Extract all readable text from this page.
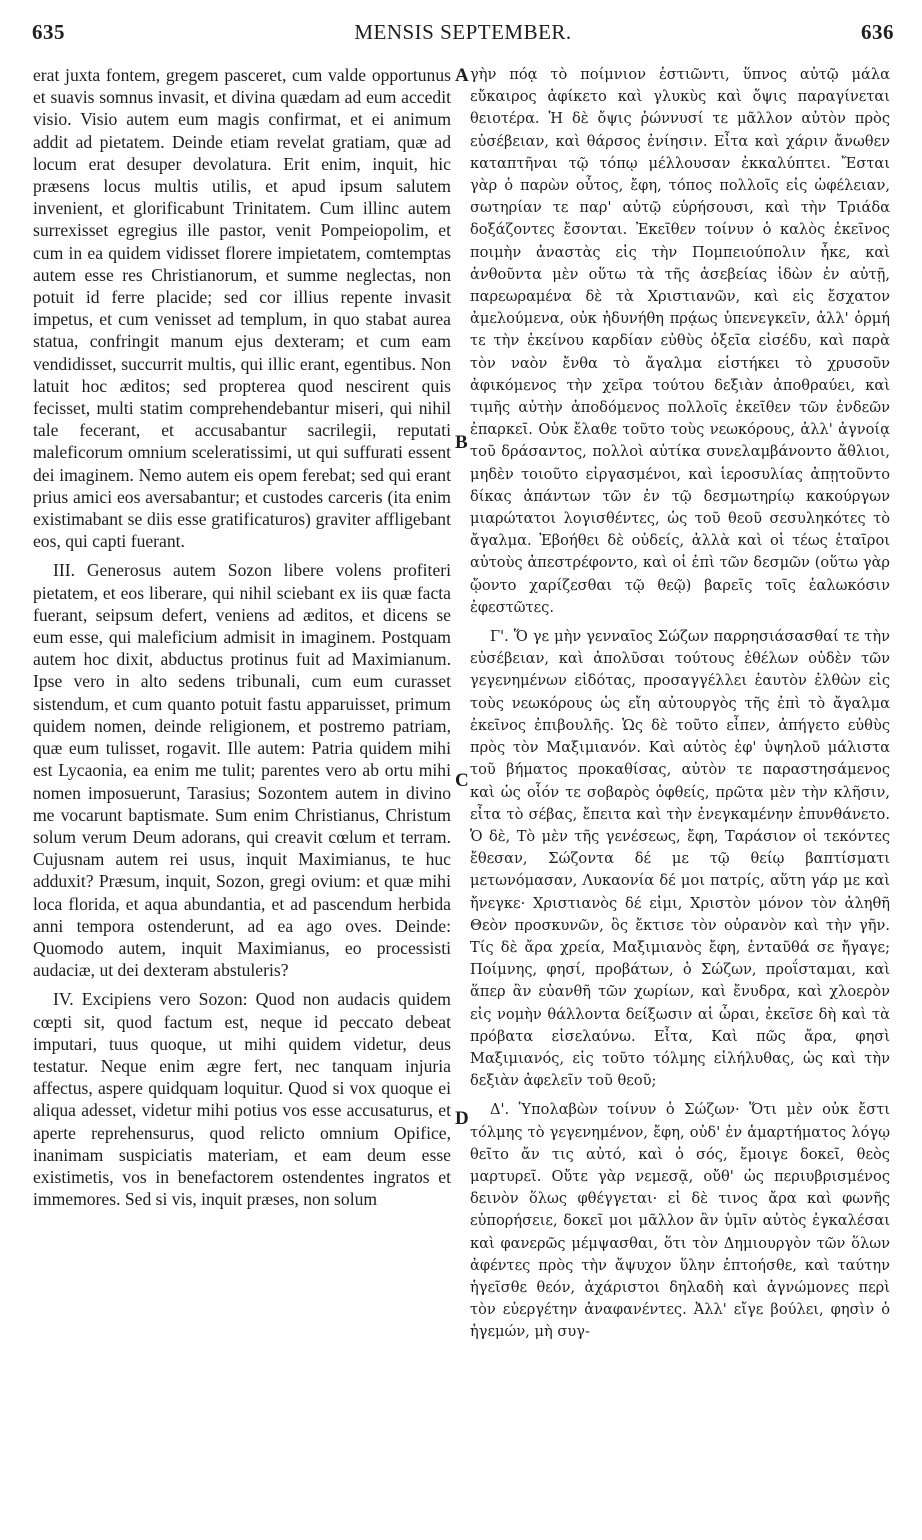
635	MENSIS SEPTEMBER.	636

erat juxta fontem, gregem pasceret, cum valde opportunus et suavis somnus invasit, et divina quædam ad eum accedit visio. Visio autem eum magis confirmat, et ei animum addit ad pietatem. Deinde etiam revelat gratiam, quæ ad locum erat desuper devolatura. Erit enim, inquit, hic præsens locus multis utilis, et apud ipsum salutem invenient, et glorificabunt Trinitatem. Cum illinc autem surrexisset egregius ille pastor, venit Pompeiopolim, et cum in ea quidem vidisset florere impietatem, comtemptas autem esse res Christianorum, et summe neglectas, non potuit id ferre placide; sed cor illius repente invasit impetus, et cum venisset ad templum, in quo stabat aurea statua, confringit manum ejus dexteram; et cum eam vendidisset, succurrit multis, qui illic erant, egentibus. Non latuit hoc æditos; sed propterea quod nescirent quis fecisset, multi statim comprehendebantur miseri, qui nihil tale fecerant, et accusabantur sacrilegii, reputati maleficorum omnium sceleratissimi, ut qui suffurati essent dei imaginem. Nemo autem eis opem ferebat; sed qui erant prius amici eos aversabantur; et custodes carceris (ita enim existimabant se diis esse gratificaturos) graviter affligebant eos, qui capti fuerant.

III. Generosus autem Sozon libere volens profiteri pietatem, et eos liberare, qui nihil sciebant ex iis quæ facta fuerant, seipsum defert, veniens ad æditos, et dicens se eum esse, qui maleficium admisit in imaginem. Postquam autem hoc dixit, abductus protinus fuit ad Maximianum. Ipse vero in alto sedens tribunali, cum eum curasset sistendum, et cum quanto potuit fastu apparuisset, primum quidem nomen, deinde religionem, et postremo patriam, quæ eum tulisset, rogavit. Ille autem: Patria quidem mihi est Lycaonia, ea enim me tulit; parentes vero ab ortu mihi nomen imposuerunt, Tarasius; Sozontem autem in divino me vocarunt baptismate. Sum enim Christianus, Christum solum verum Deum adorans, qui creavit cœlum et terram. Cujusnam autem rei usus, inquit Maximianus, te huc adduxit? Præsum, inquit, Sozon, gregi ovium: et quæ mihi loca florida, et aqua abundantia, et ad pascendum herbida anni tempora ostenderunt, ad ea ago oves. Deinde: Quomodo autem, inquit Maximianus, eo processisti audaciæ, ut dei dexteram abstuleris?

IV. Excipiens vero Sozon: Quod non audacis quidem cœpti sit, quod factum est, neque id peccato debeat imputari, tuus quoque, ut mihi quidem videtur, deus testatur. Neque enim ægre fert, nec tanquam injuria affectus, aspere quidquam loquitur. Quod si vox quoque ei aliqua adesset, videtur mihi potius vos esse accusaturus, et aperte reprehensurus, quod relicto omnium Opifice, inanimam suspiciatis materiam, et eam deum esse existimetis, vos in benefactorem ostendentes ingratos et immemores. Sed si vis, inquit præses, non solum

A
B
C
D

γὴν πόᾳ τὸ ποίμνιον ἑστιῶντι, ὕπνος αὐτῷ μάλα εὔκαιρος ἀφίκετο καὶ γλυκὺς καὶ ὄψις παραγίνεται θειοτέρα. Ἡ δὲ ὄψις ῥώννυσί τε μᾶλλον αὐτὸν πρὸς εὐσέβειαν, καὶ θάρσος ἐνίησιν. Εἶτα καὶ χάριν ἄνωθεν καταπτῆναι τῷ τόπῳ μέλλουσαν ἐκκαλύπτει. Ἔσται γὰρ ὁ παρὼν οὗτος, ἔφη, τόπος πολλοῖς εἰς ὠφέλειαν, σωτηρίαν τε παρ' αὐτῷ εὑρήσουσι, καὶ τὴν Τριάδα δοξάζοντες ἔσονται. Ἐκεῖθεν τοίνυν ὁ καλὸς ἐκεῖνος ποιμὴν ἀναστὰς εἰς τὴν Πομπειούπολιν ἧκε, καὶ ἀνθοῦντα μὲν οὕτω τὰ τῆς ἀσεβείας ἰδὼν ἐν αὐτῇ, παρεωραμένα δὲ τὰ Χριστιανῶν, καὶ εἰς ἔσχατον ἀμελούμενα, οὐκ ἠδυνήθη πρᾴως ὑπενεγκεῖν, ἀλλ' ὁρμή τε τὴν ἐκείνου καρδίαν εὐθὺς ὀξεῖα εἰσέδυ, καὶ παρὰ τὸν ναὸν ἔνθα τὸ ἄγαλμα εἱστήκει τὸ χρυσοῦν ἀφικόμενος τὴν χεῖρα τούτου δεξιὰν ἀποθραύει, καὶ τιμῆς αὐτὴν ἀποδόμενος πολλοῖς ἐκεῖθεν τῶν ἐνδεῶν ἐπαρκεῖ. Οὐκ ἔλαθε τοῦτο τοὺς νεωκόρους, ἀλλ' ἀγνοίᾳ τοῦ δράσαντος, πολλοὶ αὐτίκα συνελαμβάνοντο ἄθλιοι, μηδὲν τοιοῦτο εἰργασμένοι, καὶ ἱεροσυλίας ἀπῃτοῦντο δίκας ἁπάντων τῶν ἐν τῷ δεσμωτηρίῳ κακούργων μιαρώτατοι λογισθέντες, ὡς τοῦ θεοῦ σεσυληκότες τὸ ἄγαλμα. Ἐβοήθει δὲ οὐδείς, ἀλλὰ καὶ οἱ τέως ἑταῖροι αὐτοὺς ἀπεστρέφοντο, καὶ οἱ ἐπὶ τῶν δεσμῶν (οὕτω γὰρ ᾤοντο χαρίζεσθαι τῷ θεῷ) βαρεῖς τοῖς ἑαλωκόσιν ἐφεστῶτες.

Γ'. Ὅ γε μὴν γενναῖος Σώζων παρρησιάσασθαί τε τὴν εὐσέβειαν, καὶ ἀπολῦσαι τούτους ἐθέλων οὐδὲν τῶν γεγενημένων εἰδότας, προσαγγέλλει ἑαυτὸν ἐλθὼν εἰς τοὺς νεωκόρους ὡς εἴη αὐτουργὸς τῆς ἐπὶ τὸ ἄγαλμα ἐκεῖνος ἐπιβουλῆς. Ὡς δὲ τοῦτο εἶπεν, ἀπήγετο εὐθὺς πρὸς τὸν Μαξιμιανόν. Καὶ αὐτὸς ἐφ' ὑψηλοῦ μάλιστα τοῦ βήματος προκαθίσας, αὐτὸν τε παραστησάμενος καὶ ὡς οἷόν τε σοβαρὸς ὀφθείς, πρῶτα μὲν τὴν κλῆσιν, εἶτα τὸ σέβας, ἔπειτα καὶ τὴν ἐνεγκαμένην ἐπυνθάνετο. Ὁ δὲ, Τὸ μὲν τῆς γενέσεως, ἔφη, Ταράσιον οἱ τεκόντες ἔθεσαν, Σώζοντα δέ με τῷ θείῳ βαπτίσματι μετωνόμασαν, Λυκαονία δέ μοι πατρίς, αὕτη γάρ με καὶ ἤνεγκε· Χριστιανὸς δέ εἰμι, Χριστὸν μόνον τὸν ἀληθῆ Θεὸν προσκυνῶν, ὃς ἔκτισε τὸν οὐρανὸν καὶ τὴν γῆν. Τίς δὲ ἄρα χρεία, Μαξιμιανὸς ἔφη, ἐνταῦθά σε ἤγαγε; Ποίμνης, φησί, προβάτων, ὁ Σώζων, προΐσταμαι, καὶ ἅπερ ἂν εὐανθῆ τῶν χωρίων, καὶ ἔνυδρα, καὶ χλοερὸν εἰς νομὴν θάλλοντα δείξωσιν αἱ ὧραι, ἐκεῖσε δὴ καὶ τὰ πρόβατα εἰσελαύνω. Εἶτα, Καὶ πῶς ἄρα, φησὶ Μαξιμιανός, εἰς τοῦτο τόλμης εἰλήλυθας, ὡς καὶ τὴν δεξιὰν ἀφελεῖν τοῦ θεοῦ;

Δ'. Ὑπολαβὼν τοίνυν ὁ Σώζων· Ὅτι μὲν οὐκ ἔστι τόλμης τὸ γεγενημένον, ἔφη, οὐδ' ἐν ἁμαρτήματος λόγῳ θεῖτο ἄν τις αὐτό, καὶ ὁ σός, ἔμοιγε δοκεῖ, θεὸς μαρτυρεῖ. Οὔτε γὰρ νεμεσᾷ, οὔθ' ὡς περιυβρισμένος δεινὸν ὅλως φθέγγεται· εἰ δὲ τινος ἄρα καὶ φωνῆς εὐπορήσειε, δοκεῖ μοι μᾶλλον ἂν ὑμῖν αὐτὸς ἐγκαλέσαι καὶ φανερῶς μέμψασθαι, ὅτι τὸν Δημιουργὸν τῶν ὅλων ἀφέντες πρὸς τὴν ἄψυχον ὕλην ἐπτοήσθε, καὶ ταύτην ἡγεῖσθε θεόν, ἀχάριστοι δηλαδὴ καὶ ἀγνώμονες περὶ τὸν εὐεργέτην ἀναφανέντες. Ἀλλ' εἴγε βούλει, φησὶν ὁ ἡγεμών, μὴ συγ-
